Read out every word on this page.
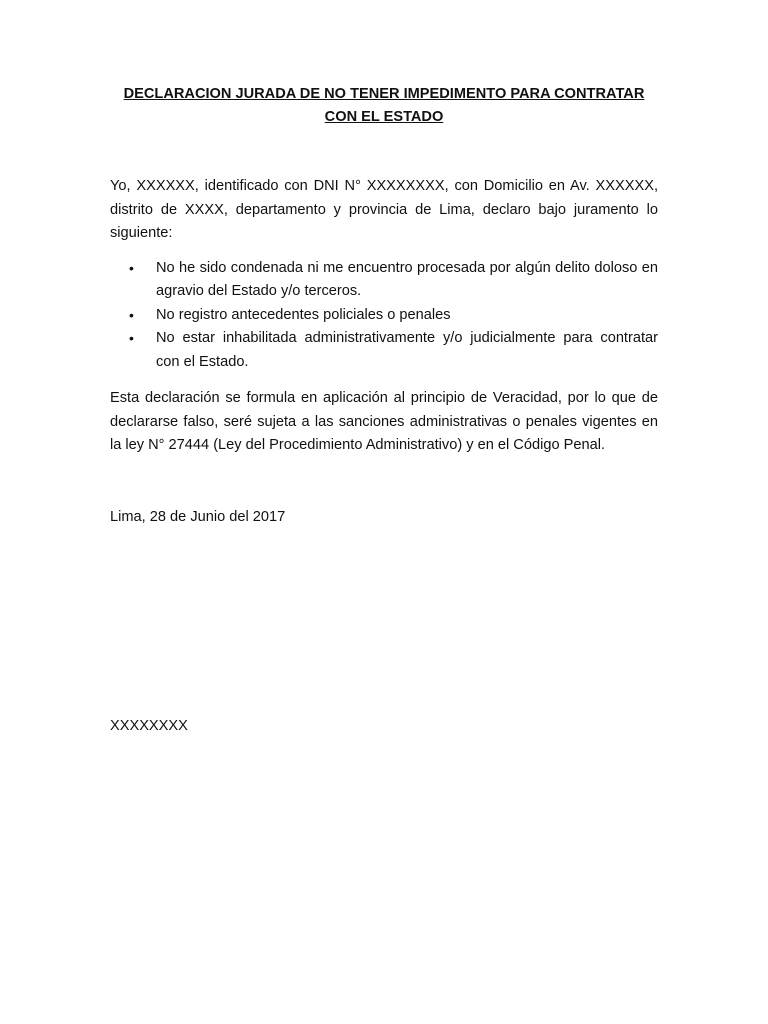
DECLARACION JURADA DE NO TENER IMPEDIMENTO PARA CONTRATAR CON EL ESTADO

Yo, XXXXXX, identificado con DNI N° XXXXXXXX, con Domicilio en Av. XXXXXX, distrito de XXXX, departamento y provincia de Lima, declaro bajo juramento lo siguiente:

• No he sido condenada ni me encuentro procesada por algún delito doloso en agravio del Estado y/o terceros.
• No registro antecedentes policiales o penales
• No estar inhabilitada administrativamente y/o judicialmente para contratar con el Estado.

Esta declaración se formula en aplicación al principio de Veracidad, por lo que de declararse falso, seré sujeta a las sanciones administrativas o penales vigentes en la ley N° 27444 (Ley del Procedimiento Administrativo) y en el Código Penal.

Lima, 28 de Junio del 2017

XXXXXXXX
